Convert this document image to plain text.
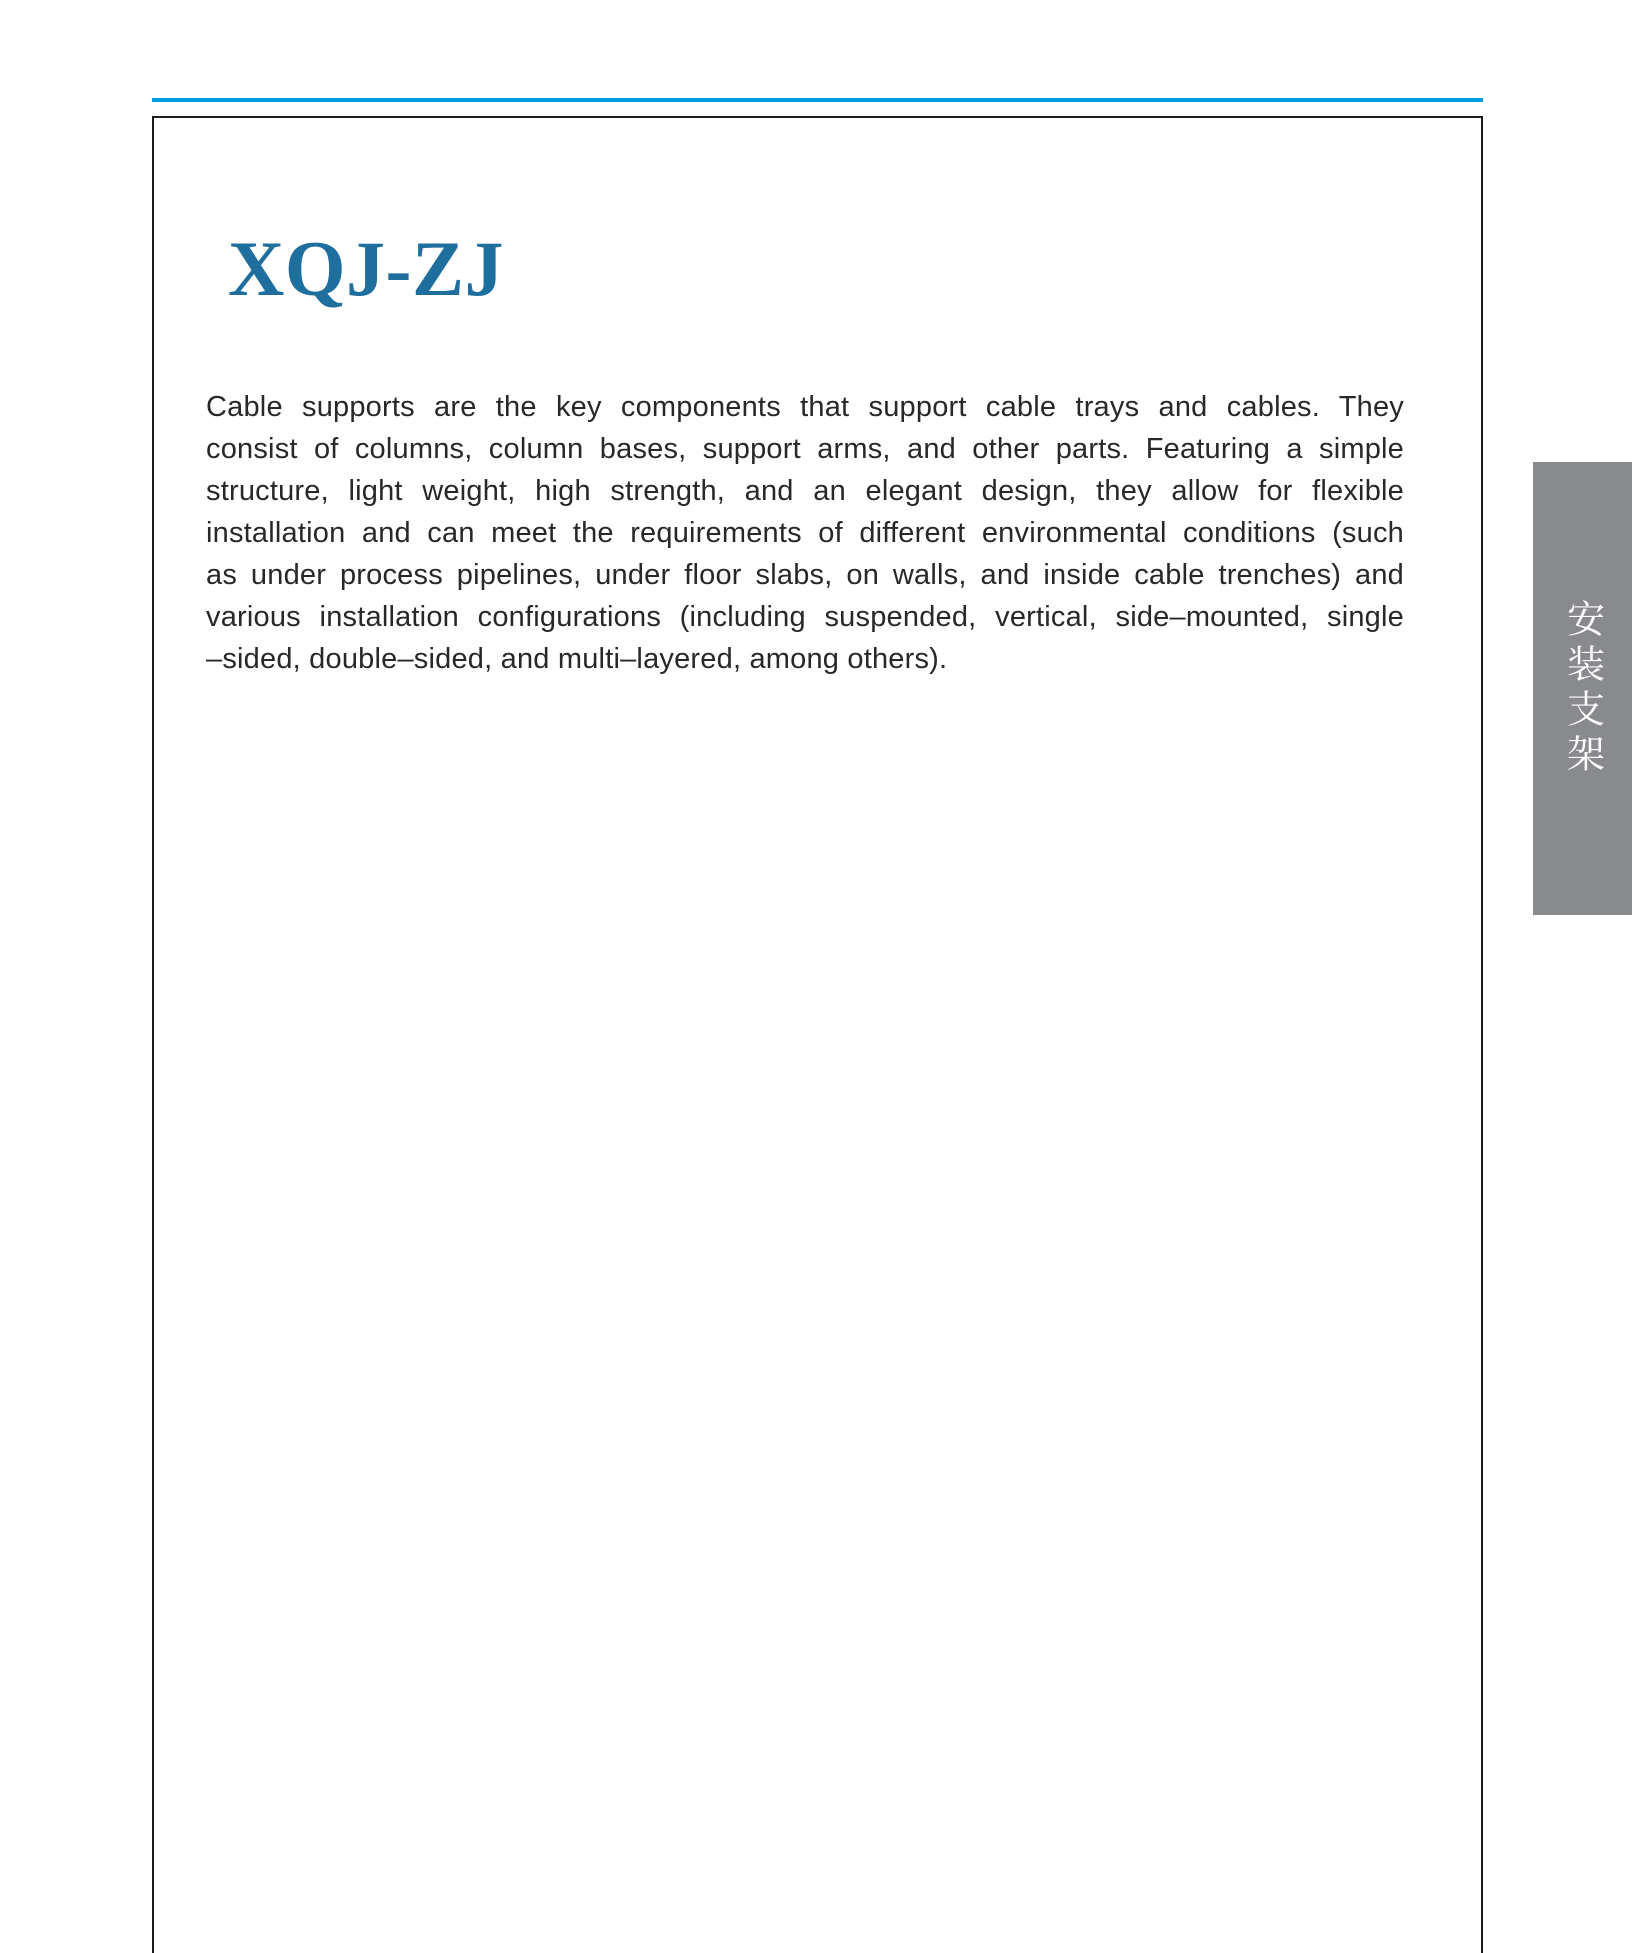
XQJ-ZJ
Cable supports are the key components that support cable trays and cables. They
consist of columns, column bases, support arms, and other parts. Featuring a simple
structure, light weight, high strength, and an elegant design, they allow for flexible
installation and can meet the requirements of different environmental conditions (such
as under process pipelines, under floor slabs, on walls, and inside cable trenches) and
various installation configurations (including suspended, vertical, side–mounted, single
–sided, double–sided, and multi–layered, among others).	安装支架
